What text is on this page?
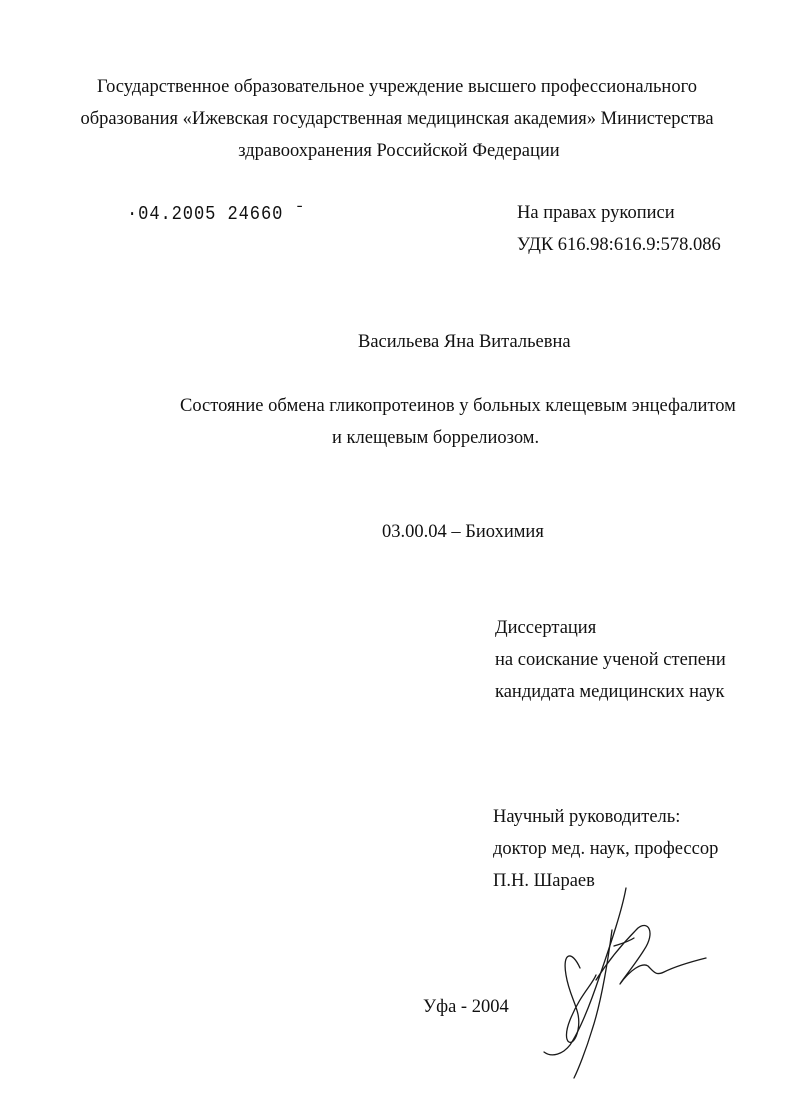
Государственное образовательное учреждение высшего профессионального
образования «Ижевская государственная медицинская академия» Министерства
здравоохранения Российской Федерации
·04.2005 24660 ˉ	На правах рукописи
УДК 616.98:616.9:578.086
Васильева Яна Витальевна
Состояние обмена гликопротеинов у больных клещевым энцефалитом
и клещевым боррелиозом.
03.00.04 – Биохимия
Диссертация
на соискание ученой степени
кандидата медицинских наук
Научный руководитель:
доктор мед. наук, профессор
П.Н. Шараев
Уфа - 2004
